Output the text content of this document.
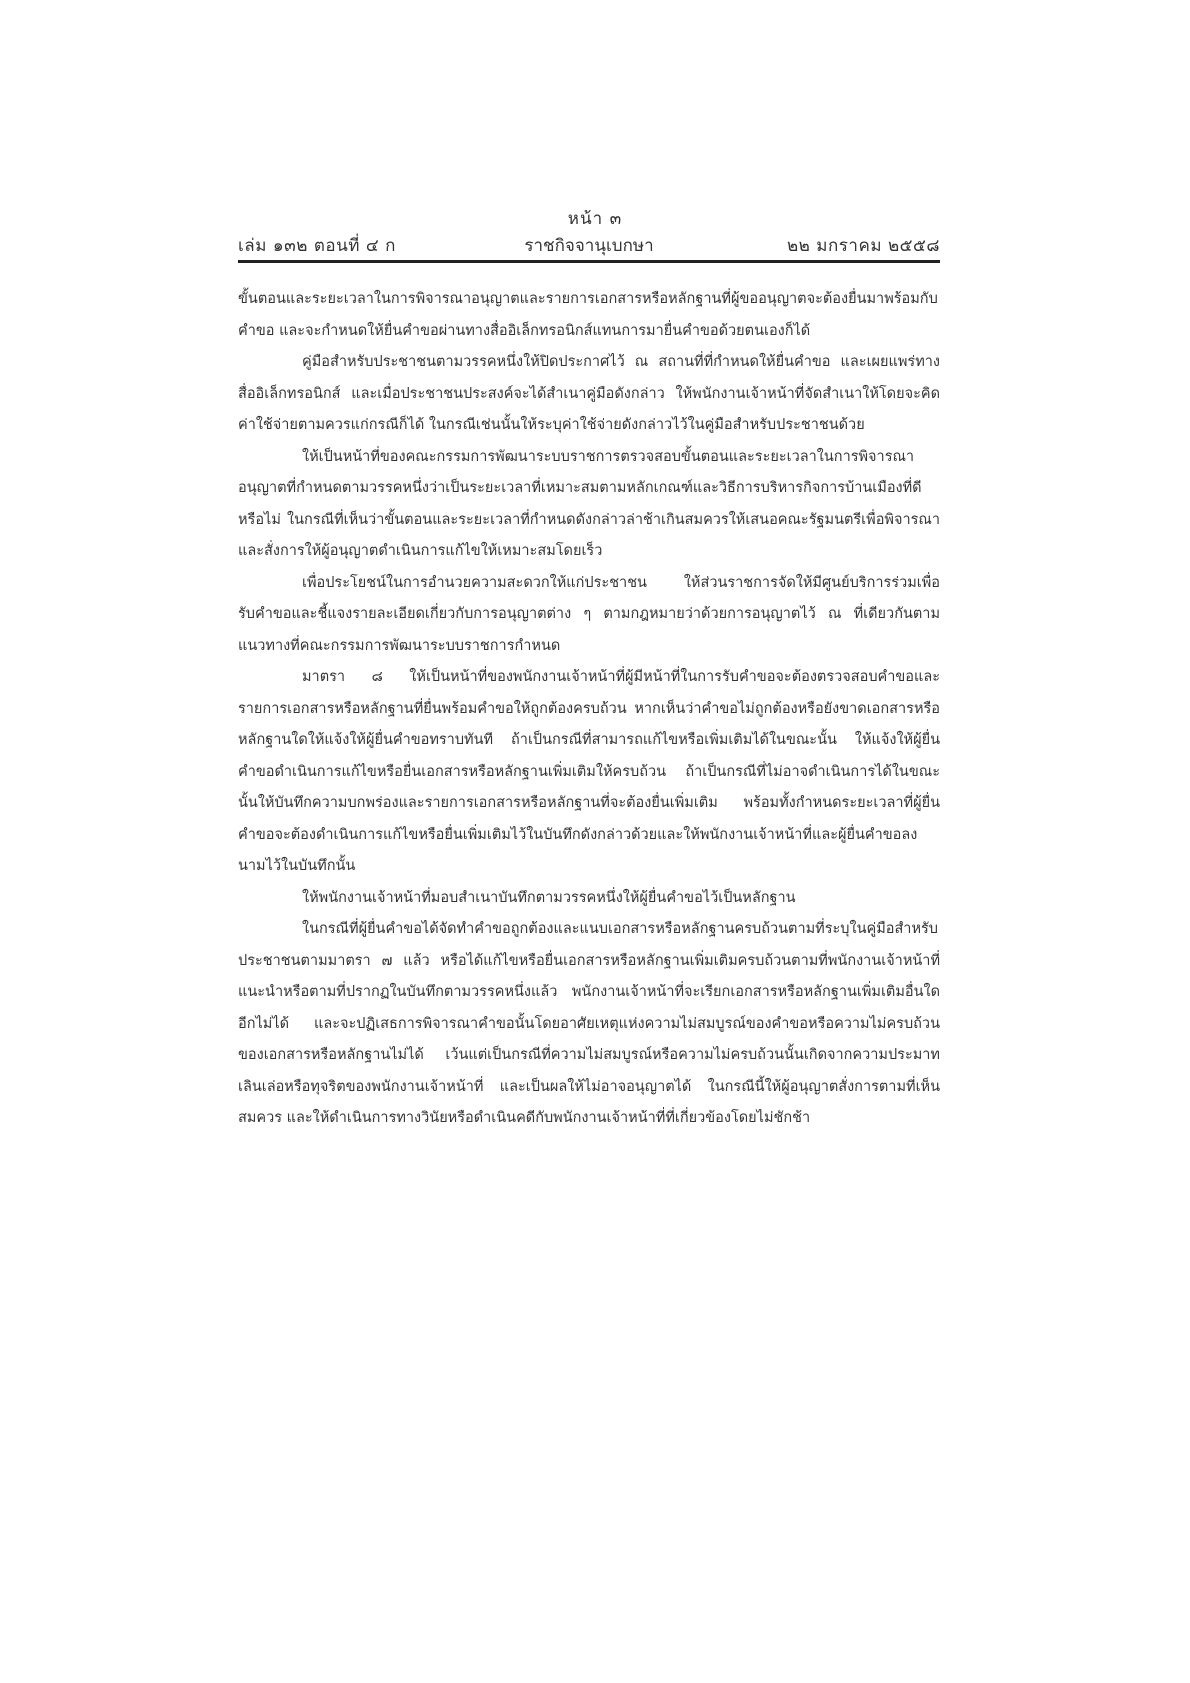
หน้า ๓
เล่ม ๑๓๒ ตอนที่ ๔ ก	ราชกิจจานุเบกษา	๒๒ มกราคม ๒๕๕๘

ขั้นตอนและระยะเวลาในการพิจารณาอนุญาตและรายการเอกสารหรือหลักฐานที่ผู้ขออนุญาตจะต้องยื่นมาพร้อมกับคำขอ และจะกำหนดให้ยื่นคำขอผ่านทางสื่ออิเล็กทรอนิกส์แทนการมายื่นคำขอด้วยตนเองก็ได้

คู่มือสำหรับประชาชนตามวรรคหนึ่งให้ปิดประกาศไว้ ณ สถานที่ที่กำหนดให้ยื่นคำขอ และเผยแพร่ทางสื่ออิเล็กทรอนิกส์ และเมื่อประชาชนประสงค์จะได้สำเนาคู่มือดังกล่าว ให้พนักงานเจ้าหน้าที่จัดสำเนาให้โดยจะคิดค่าใช้จ่ายตามควรแก่กรณีก็ได้ ในกรณีเช่นนั้นให้ระบุค่าใช้จ่ายดังกล่าวไว้ในคู่มือสำหรับประชาชนด้วย

ให้เป็นหน้าที่ของคณะกรรมการพัฒนาระบบราชการตรวจสอบขั้นตอนและระยะเวลาในการพิจารณาอนุญาตที่กำหนดตามวรรคหนึ่งว่าเป็นระยะเวลาที่เหมาะสมตามหลักเกณฑ์และวิธีการบริหารกิจการบ้านเมืองที่ดีหรือไม่ ในกรณีที่เห็นว่าขั้นตอนและระยะเวลาที่กำหนดดังกล่าวล่าช้าเกินสมควรให้เสนอคณะรัฐมนตรีเพื่อพิจารณาและสั่งการให้ผู้อนุญาตดำเนินการแก้ไขให้เหมาะสมโดยเร็ว

เพื่อประโยชน์ในการอำนวยความสะดวกให้แก่ประชาชน ให้ส่วนราชการจัดให้มีศูนย์บริการร่วมเพื่อรับคำขอและชี้แจงรายละเอียดเกี่ยวกับการอนุญาตต่าง ๆ ตามกฎหมายว่าด้วยการอนุญาตไว้ ณ ที่เดียวกันตามแนวทางที่คณะกรรมการพัฒนาระบบราชการกำหนด

มาตรา ๘ ให้เป็นหน้าที่ของพนักงานเจ้าหน้าที่ผู้มีหน้าที่ในการรับคำขอจะต้องตรวจสอบคำขอและรายการเอกสารหรือหลักฐานที่ยื่นพร้อมคำขอให้ถูกต้องครบถ้วน หากเห็นว่าคำขอไม่ถูกต้องหรือยังขาดเอกสารหรือหลักฐานใดให้แจ้งให้ผู้ยื่นคำขอทราบทันที ถ้าเป็นกรณีที่สามารถแก้ไขหรือเพิ่มเติมได้ในขณะนั้น ให้แจ้งให้ผู้ยื่นคำขอดำเนินการแก้ไขหรือยื่นเอกสารหรือหลักฐานเพิ่มเติมให้ครบถ้วน ถ้าเป็นกรณีที่ไม่อาจดำเนินการได้ในขณะนั้นให้บันทึกความบกพร่องและรายการเอกสารหรือหลักฐานที่จะต้องยื่นเพิ่มเติม พร้อมทั้งกำหนดระยะเวลาที่ผู้ยื่นคำขอจะต้องดำเนินการแก้ไขหรือยื่นเพิ่มเติมไว้ในบันทึกดังกล่าวด้วยและให้พนักงานเจ้าหน้าที่และผู้ยื่นคำขอลงนามไว้ในบันทึกนั้น

ให้พนักงานเจ้าหน้าที่มอบสำเนาบันทึกตามวรรคหนึ่งให้ผู้ยื่นคำขอไว้เป็นหลักฐาน

ในกรณีที่ผู้ยื่นคำขอได้จัดทำคำขอถูกต้องและแนบเอกสารหรือหลักฐานครบถ้วนตามที่ระบุในคู่มือสำหรับประชาชนตามมาตรา ๗ แล้ว หรือได้แก้ไขหรือยื่นเอกสารหรือหลักฐานเพิ่มเติมครบถ้วนตามที่พนักงานเจ้าหน้าที่แนะนำหรือตามที่ปรากฏในบันทึกตามวรรคหนึ่งแล้ว พนักงานเจ้าหน้าที่จะเรียกเอกสารหรือหลักฐานเพิ่มเติมอื่นใดอีกไม่ได้ และจะปฏิเสธการพิจารณาคำขอนั้นโดยอาศัยเหตุแห่งความไม่สมบูรณ์ของคำขอหรือความไม่ครบถ้วนของเอกสารหรือหลักฐานไม่ได้ เว้นแต่เป็นกรณีที่ความไม่สมบูรณ์หรือความไม่ครบถ้วนนั้นเกิดจากความประมาทเลินเล่อหรือทุจริตของพนักงานเจ้าหน้าที่ และเป็นผลให้ไม่อาจอนุญาตได้ ในกรณีนี้ให้ผู้อนุญาตสั่งการตามที่เห็นสมควร และให้ดำเนินการทางวินัยหรือดำเนินคดีกับพนักงานเจ้าหน้าที่ที่เกี่ยวข้องโดยไม่ชักช้า
